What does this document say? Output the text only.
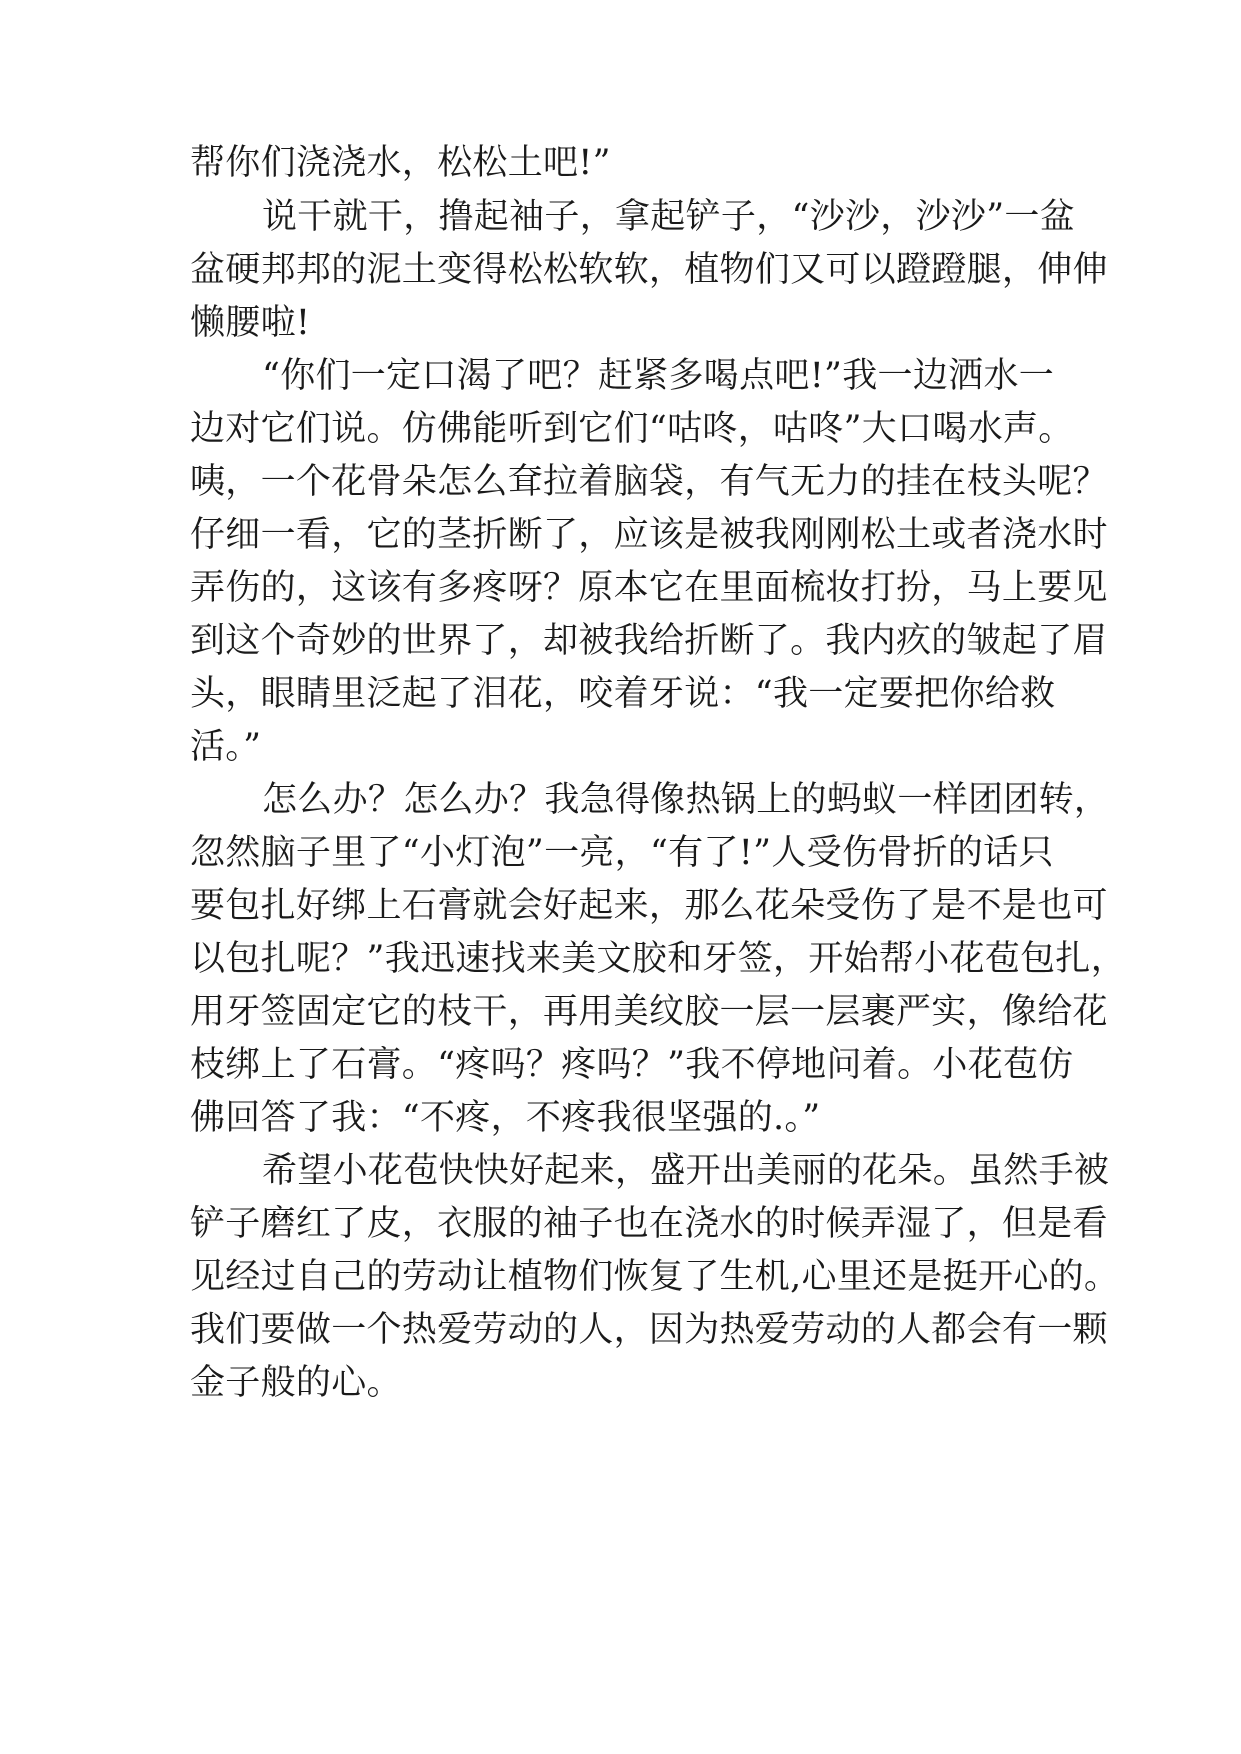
帮你们浇浇水，松松土吧!”
说干就干，撸起袖子，拿起铲子，“沙沙，沙沙”一盆
盆硬邦邦的泥土变得松松软软，植物们又可以蹬蹬腿，伸伸
懒腰啦!
“你们一定口渴了吧？赶紧多喝点吧!”我一边洒水一
边对它们说。仿佛能听到它们“咕咚，咕咚”大口喝水声。
咦，一个花骨朵怎么耷拉着脑袋，有气无力的挂在枝头呢？
仔细一看，它的茎折断了，应该是被我刚刚松土或者浇水时
弄伤的，这该有多疼呀？原本它在里面梳妆打扮，马上要见
到这个奇妙的世界了，却被我给折断了。我内疚的皱起了眉
头，眼睛里泛起了泪花，咬着牙说：“我一定要把你给救
活。”
怎么办？怎么办？我急得像热锅上的蚂蚁一样团团转，
忽然脑子里了“小灯泡”一亮，“有了!”人受伤骨折的话只
要包扎好绑上石膏就会好起来，那么花朵受伤了是不是也可
以包扎呢？”我迅速找来美文胶和牙签，开始帮小花苞包扎，
用牙签固定它的枝干，再用美纹胶一层一层裹严实，像给花
枝绑上了石膏。“疼吗？疼吗？”我不停地问着。小花苞仿
佛回答了我：“不疼，不疼我很坚强的.。”
希望小花苞快快好起来，盛开出美丽的花朵。虽然手被
铲子磨红了皮，衣服的袖子也在浇水的时候弄湿了，但是看
见经过自己的劳动让植物们恢复了生机,心里还是挺开心的。
我们要做一个热爱劳动的人，因为热爱劳动的人都会有一颗
金子般的心。
